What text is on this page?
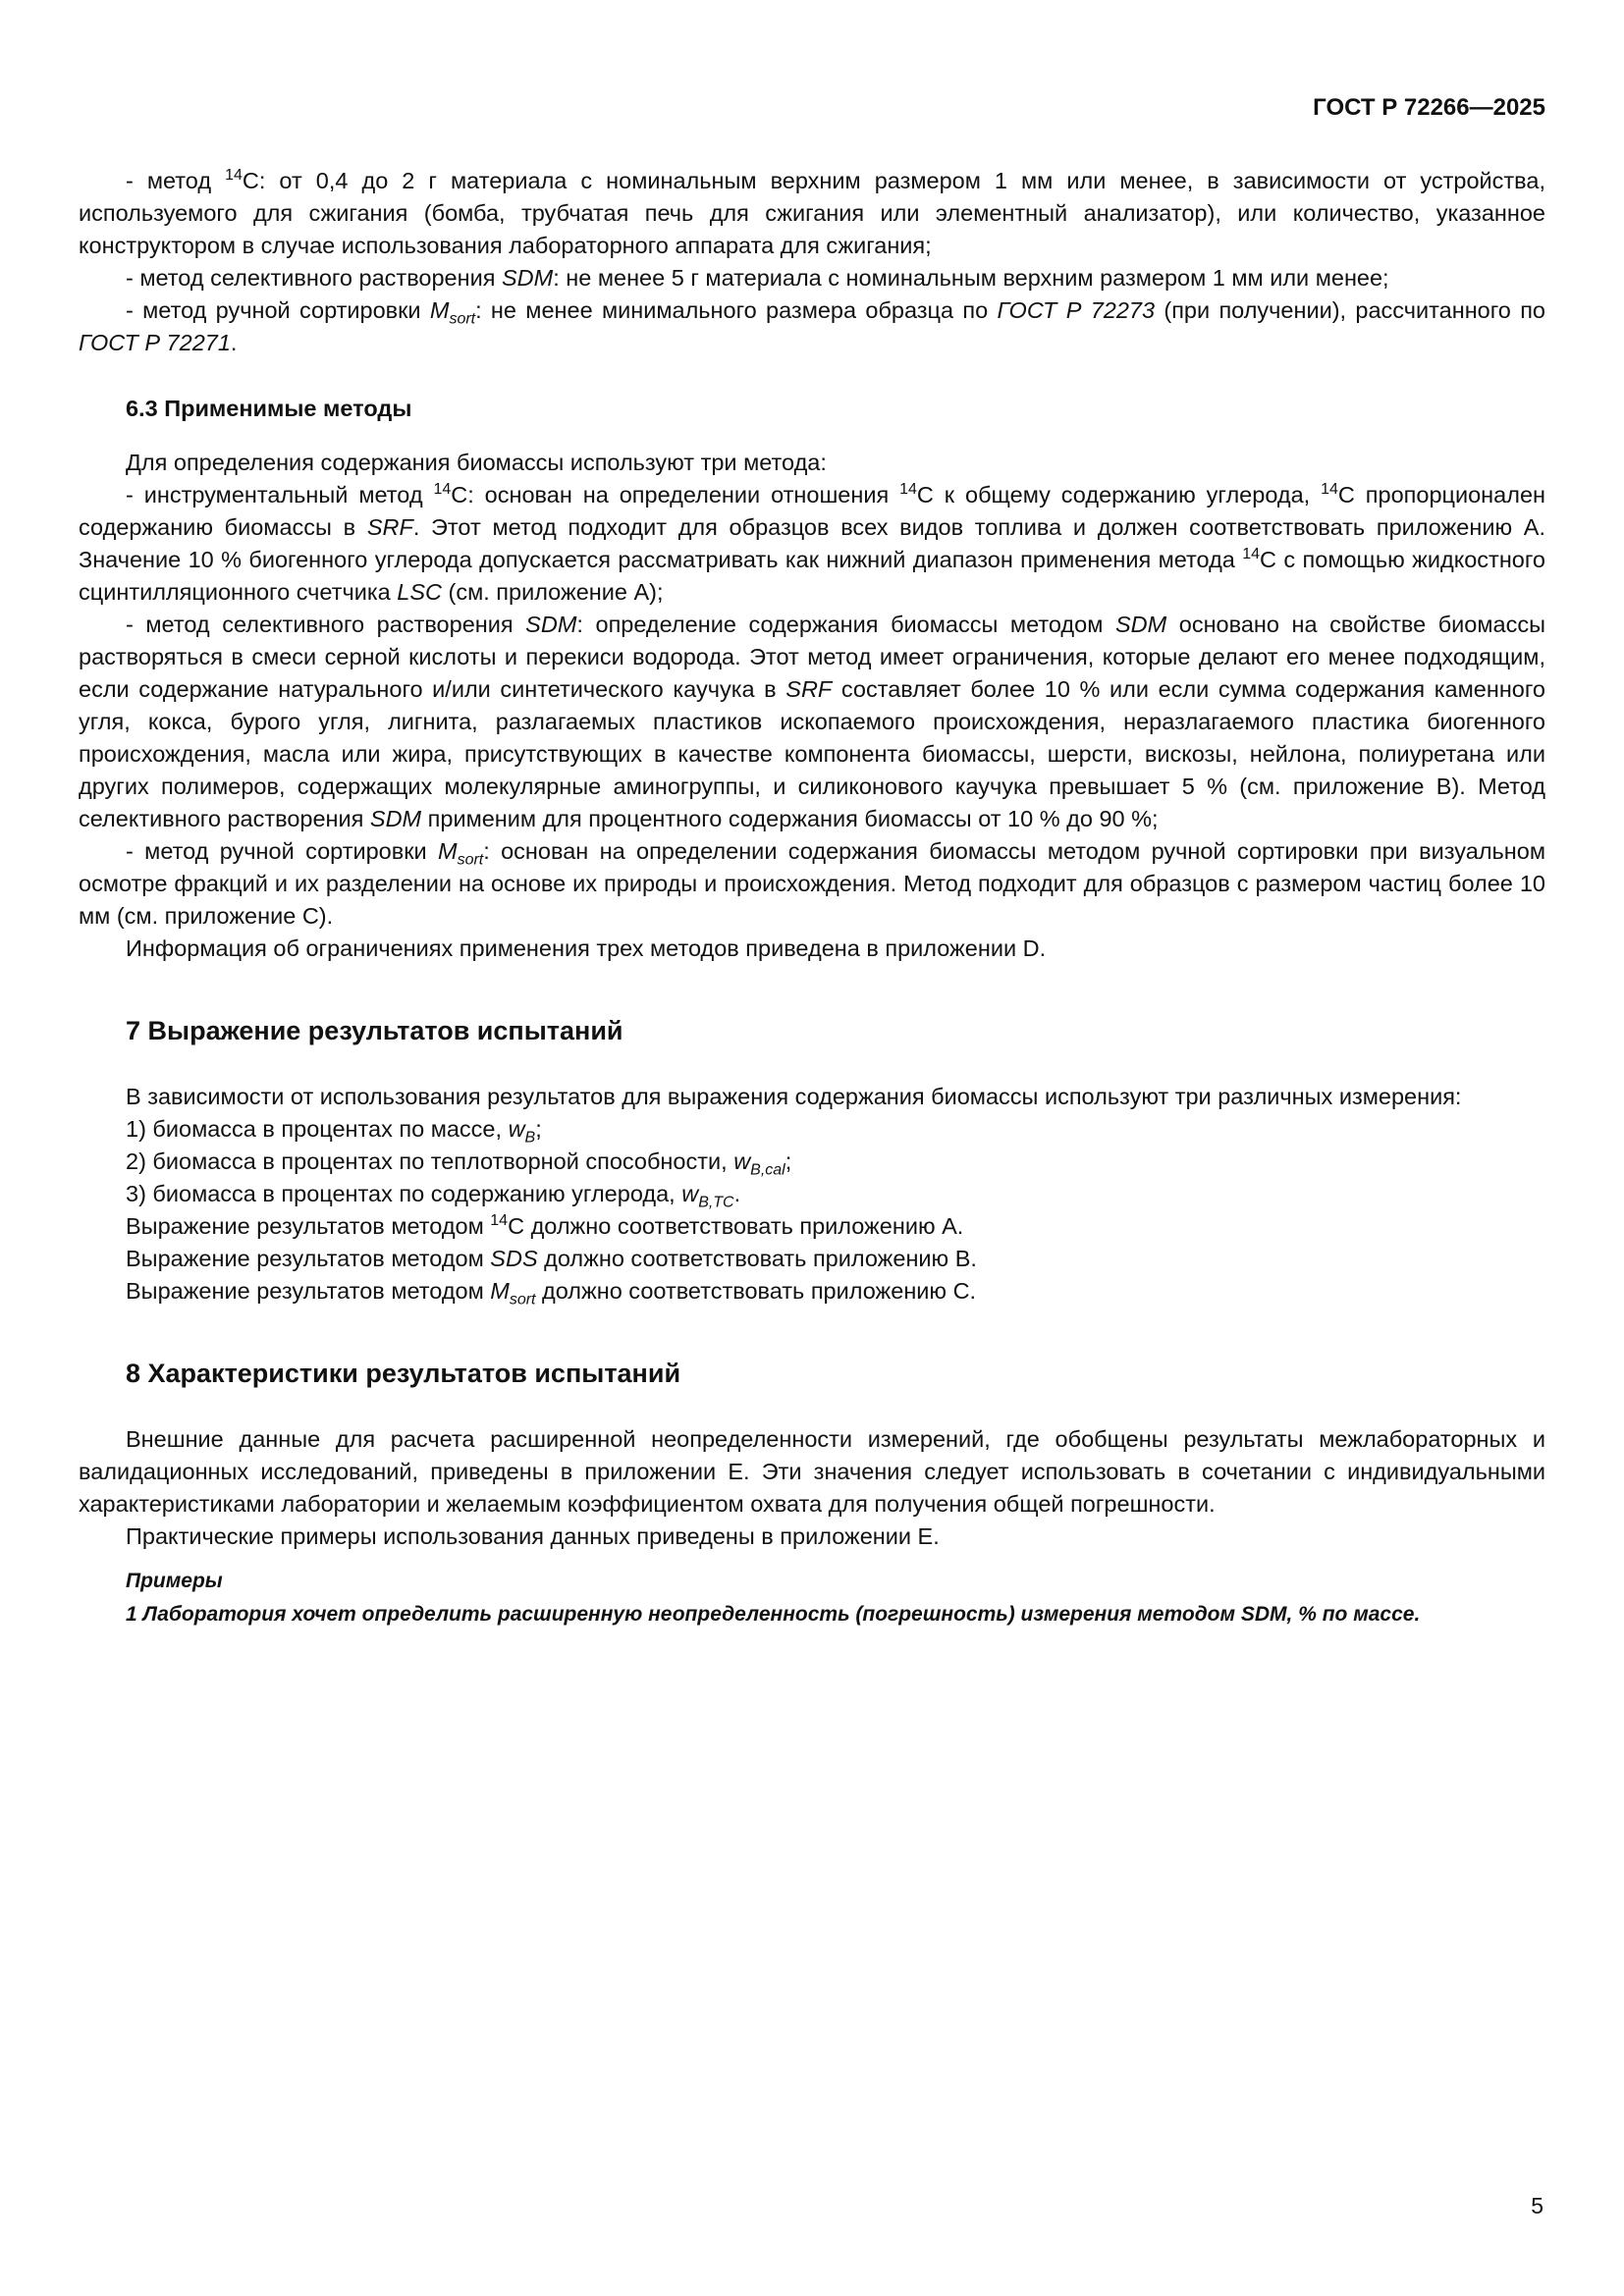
ГОСТ Р 72266—2025

- метод $^{14}$С: от 0,4 до 2 г материала с номинальным верхним размером 1 мм или менее, в зависимости от устройства, используемого для сжигания (бомба, трубчатая печь для сжигания или элементный анализатор), или количество, указанное конструктором в случае использования лабораторного аппарата для сжигания;

- метод селективного растворения SDM: не менее 5 г материала с номинальным верхним размером 1 мм или менее;

- метод ручной сортировки $M_{sort}$: не менее минимального размера образца по ГОСТ Р 72273 (при получении), рассчитанного по ГОСТ Р 72271.

6.3 Применимые методы

Для определения содержания биомассы используют три метода:

- инструментальный метод $^{14}$С: основан на определении отношения $^{14}$С к общему содержанию углерода, $^{14}$С пропорционален содержанию биомассы в SRF. Этот метод подходит для образцов всех видов топлива и должен соответствовать приложению А. Значение 10 % биогенного углерода допускается рассматривать как нижний диапазон применения метода $^{14}$С с помощью жидкостного сцинтилляционного счетчика LSC (см. приложение А);

- метод селективного растворения SDM: определение содержания биомассы методом SDM основано на свойстве биомассы растворяться в смеси серной кислоты и перекиси водорода. Этот метод имеет ограничения, которые делают его менее подходящим, если содержание натурального и/или синтетического каучука в SRF составляет более 10 % или если сумма содержания каменного угля, кокса, бурого угля, лигнита, разлагаемых пластиков ископаемого происхождения, неразлагаемого пластика биогенного происхождения, масла или жира, присутствующих в качестве компонента биомассы, шерсти, вискозы, нейлона, полиуретана или других полимеров, содержащих молекулярные аминогруппы, и силиконового каучука превышает 5 % (см. приложение В). Метод селективного растворения SDM применим для процентного содержания биомассы от 10 % до 90 %;

- метод ручной сортировки $M_{sort}$: основан на определении содержания биомассы методом ручной сортировки при визуальном осмотре фракций и их разделении на основе их природы и происхождения. Метод подходит для образцов с размером частиц более 10 мм (см. приложение С).

Информация об ограничениях применения трех методов приведена в приложении D.

7 Выражение результатов испытаний

В зависимости от использования результатов для выражения содержания биомассы используют три различных измерения:

1) биомасса в процентах по массе, $w_B$;

2) биомасса в процентах по теплотворной способности, $w_{B,cal}$;

3) биомасса в процентах по содержанию углерода, $w_{B,TC}$.

Выражение результатов методом $^{14}$С должно соответствовать приложению А.

Выражение результатов методом SDS должно соответствовать приложению В.

Выражение результатов методом $M_{sort}$ должно соответствовать приложению С.

8 Характеристики результатов испытаний

Внешние данные для расчета расширенной неопределенности измерений, где обобщены результаты межлабораторных и валидационных исследований, приведены в приложении Е. Эти значения следует использовать в сочетании с индивидуальными характеристиками лаборатории и желаемым коэффициентом охвата для получения общей погрешности.

Практические примеры использования данных приведены в приложении Е.

Примеры

1 Лаборатория хочет определить расширенную неопределенность (погрешность) измерения методом SDM, % по массе.

5
